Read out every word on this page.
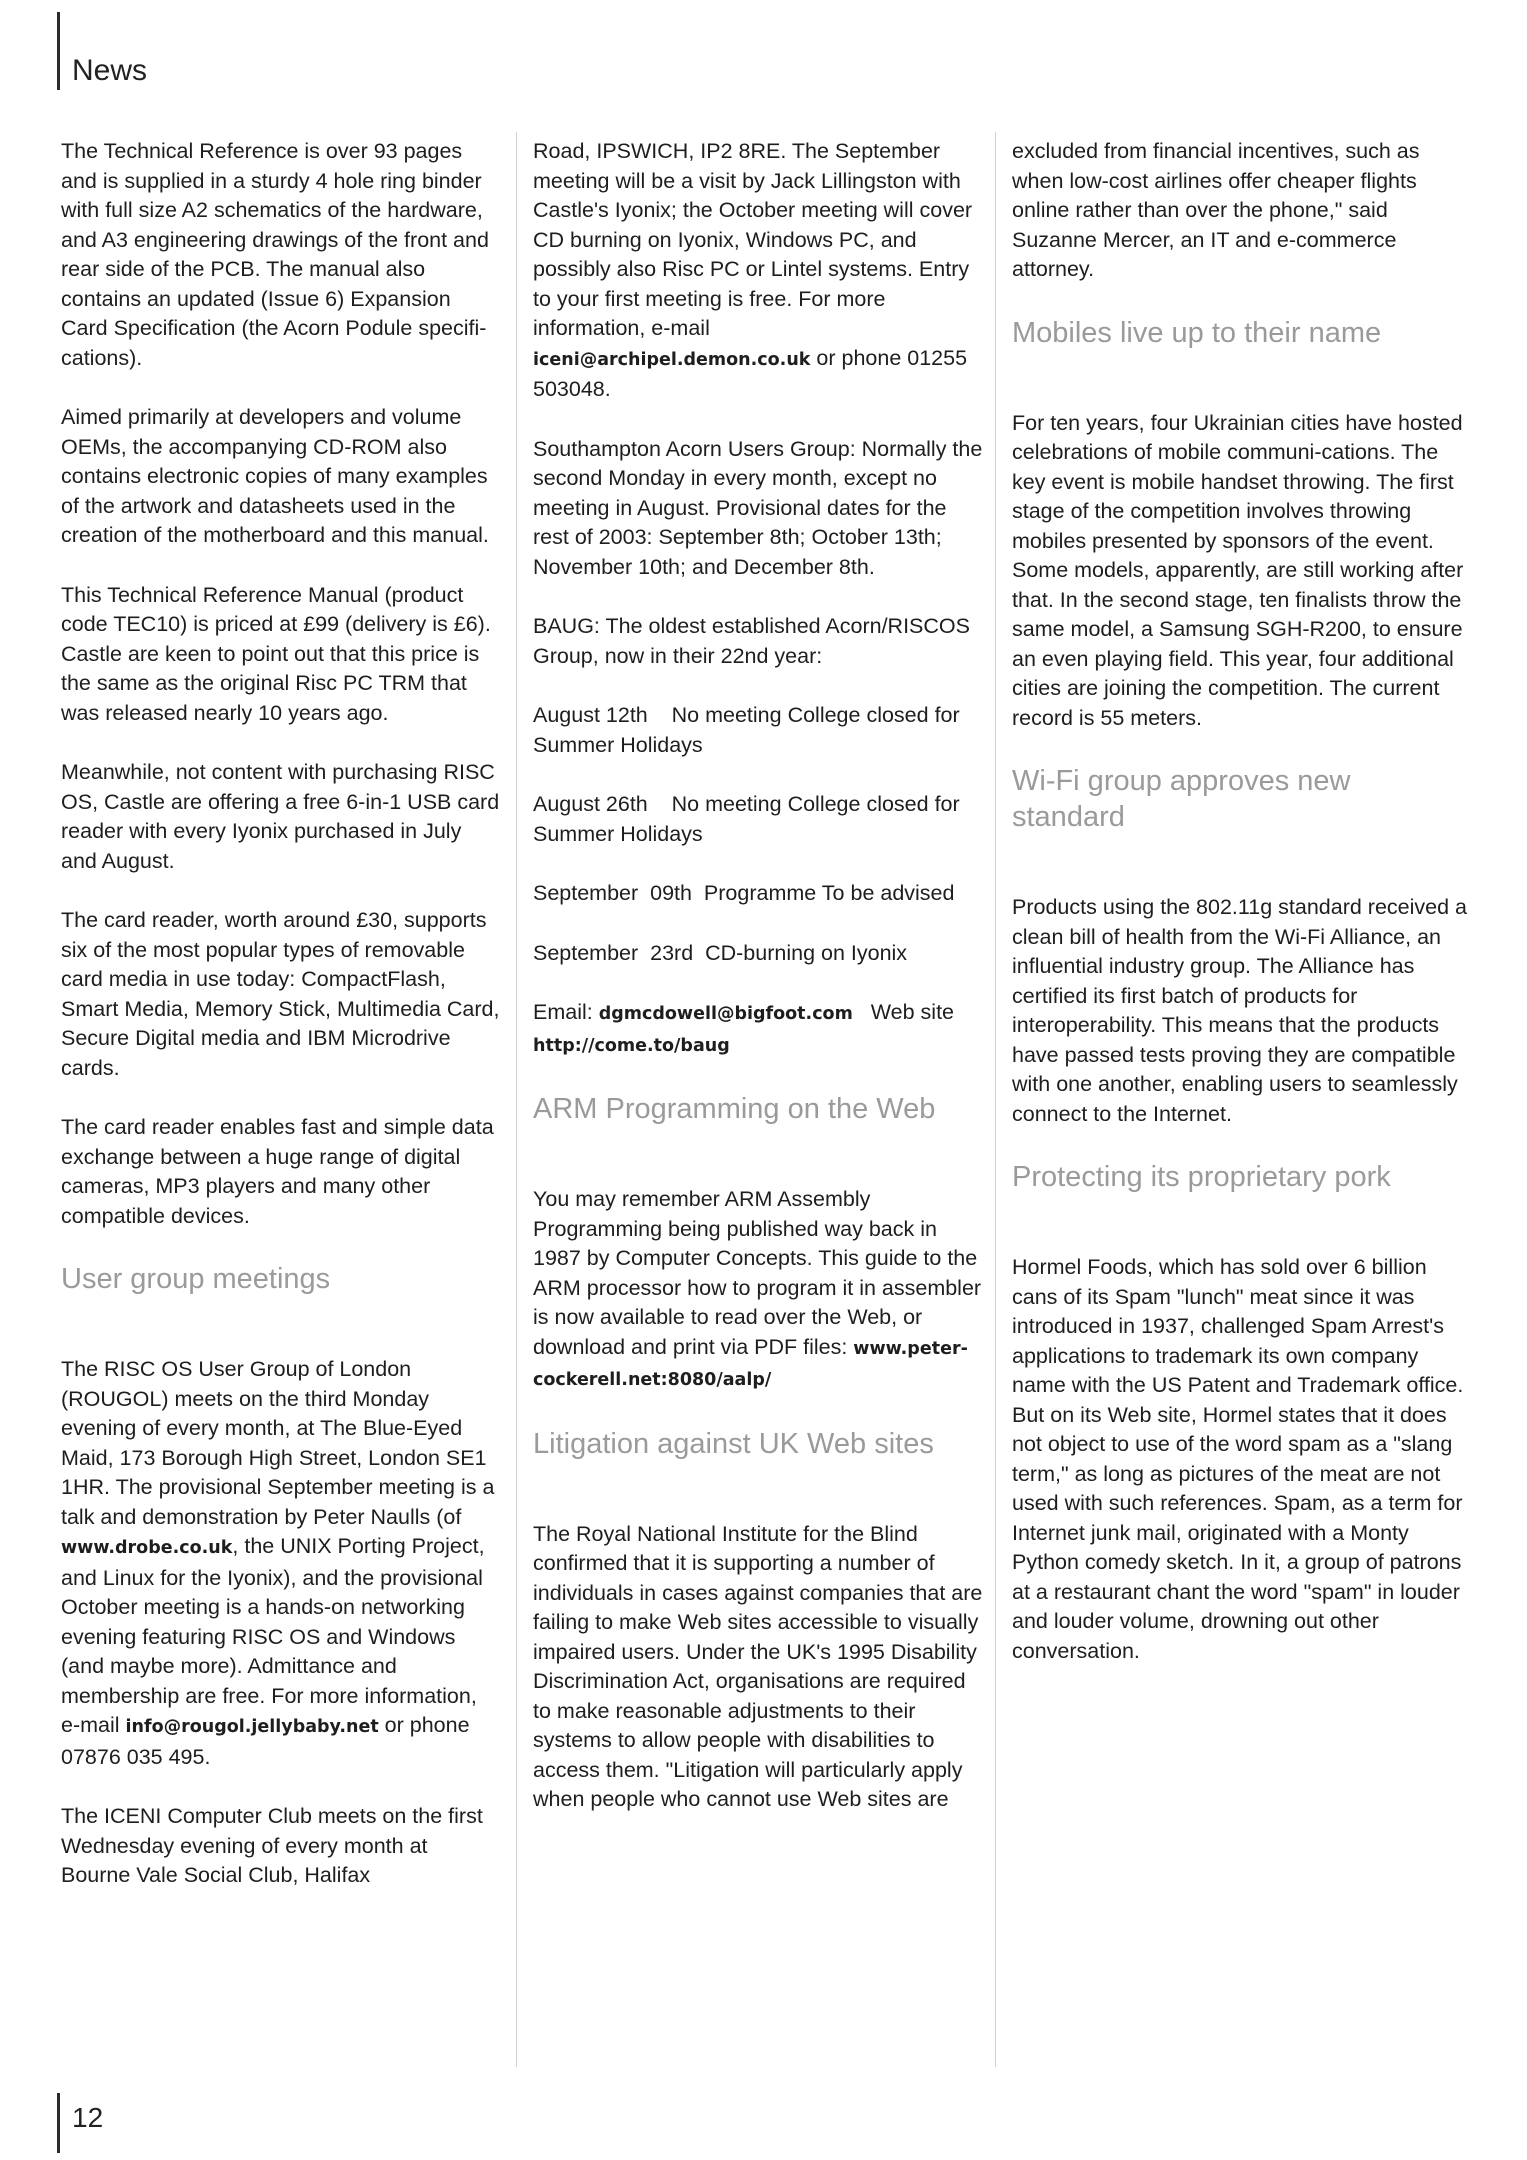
News

The Technical Reference is over 93 pages and is supplied in a sturdy 4 hole ring binder with full size A2 schematics of the hardware, and A3 engineering drawings of the front and rear side of the PCB. The manual also contains an updated (Issue 6) Expansion Card Specification (the Acorn Podule specifi-cations).

Aimed primarily at developers and volume OEMs, the accompanying CD-ROM also contains electronic copies of many examples of the artwork and datasheets used in the creation of the motherboard and this manual.

This Technical Reference Manual (product code TEC10) is priced at £99 (delivery is £6). Castle are keen to point out that this price is the same as the original Risc PC TRM that was released nearly 10 years ago.

Meanwhile, not content with purchasing RISC OS, Castle are offering a free 6-in-1 USB card reader with every Iyonix purchased in July and August.

The card reader, worth around £30, supports six of the most popular types of removable card media in use today: CompactFlash, Smart Media, Memory Stick, Multimedia Card, Secure Digital media and IBM Microdrive cards.

The card reader enables fast and simple data exchange between a huge range of digital cameras, MP3 players and many other compatible devices.

User group meetings

The RISC OS User Group of London (ROUGOL) meets on the third Monday evening of every month, at The Blue-Eyed Maid, 173 Borough High Street, London SE1 1HR. The provisional September meeting is a talk and demonstration by Peter Naulls (of www.drobe.co.uk, the UNIX Porting Project, and Linux for the Iyonix), and the provisional October meeting is a hands-on networking evening featuring RISC OS and Windows (and maybe more). Admittance and membership are free. For more information, e-mail info@rougol.jellybaby.net or phone 07876 035 495.

The ICENI Computer Club meets on the first Wednesday evening of every month at Bourne Vale Social Club, Halifax

Road, IPSWICH, IP2 8RE. The September meeting will be a visit by Jack Lillingston with Castle's Iyonix; the October meeting will cover CD burning on Iyonix, Windows PC, and possibly also Risc PC or Lintel systems. Entry to your first meeting is free. For more information, e-mail iceni@archipel.demon.co.uk or phone 01255 503048.

Southampton Acorn Users Group: Normally the second Monday in every month, except no meeting in August. Provisional dates for the rest of 2003: September 8th; October 13th; November 10th; and December 8th.

BAUG: The oldest established Acorn/RISCOS Group, now in their 22nd year:

August 12th    No meeting College closed for Summer Holidays

August 26th    No meeting College closed for Summer Holidays

September  09th  Programme To be advised

September  23rd  CD-burning on Iyonix

Email: dgmcdowell@bigfoot.com   Web site http://come.to/baug

ARM Programming on the Web

You may remember ARM Assembly Programming being published way back in 1987 by Computer Concepts. This guide to the ARM processor how to program it in assembler is now available to read over the Web, or download and print via PDF files: www.peter-cockerell.net:8080/aalp/

Litigation against UK Web sites

The Royal National Institute for the Blind confirmed that it is supporting a number of individuals in cases against companies that are failing to make Web sites accessible to visually impaired users. Under the UK's 1995 Disability Discrimination Act, organisations are required to make reasonable adjustments to their systems to allow people with disabilities to access them. "Litigation will particularly apply when people who cannot use Web sites are

excluded from financial incentives, such as when low-cost airlines offer cheaper flights online rather than over the phone," said Suzanne Mercer, an IT and e-commerce attorney.

Mobiles live up to their name

For ten years, four Ukrainian cities have hosted celebrations of mobile communi-cations. The key event is mobile handset throwing. The first stage of the competition involves throwing mobiles presented by sponsors of the event. Some models, apparently, are still working after that. In the second stage, ten finalists throw the same model, a Samsung SGH-R200, to ensure an even playing field. This year, four additional cities are joining the competition. The current record is 55 meters.

Wi-Fi group approves new standard

Products using the 802.11g standard received a clean bill of health from the Wi-Fi Alliance, an influential industry group. The Alliance has certified its first batch of products for interoperability. This means that the products have passed tests proving they are compatible with one another, enabling users to seamlessly connect to the Internet.

Protecting its proprietary pork

Hormel Foods, which has sold over 6 billion cans of its Spam "lunch" meat since it was introduced in 1937, challenged Spam Arrest's applications to trademark its own company name with the US Patent and Trademark office. But on its Web site, Hormel states that it does not object to use of the word spam as a "slang term," as long as pictures of the meat are not used with such references. Spam, as a term for Internet junk mail, originated with a Monty Python comedy sketch. In it, a group of patrons at a restaurant chant the word "spam" in louder and louder volume, drowning out other conversation.

12
